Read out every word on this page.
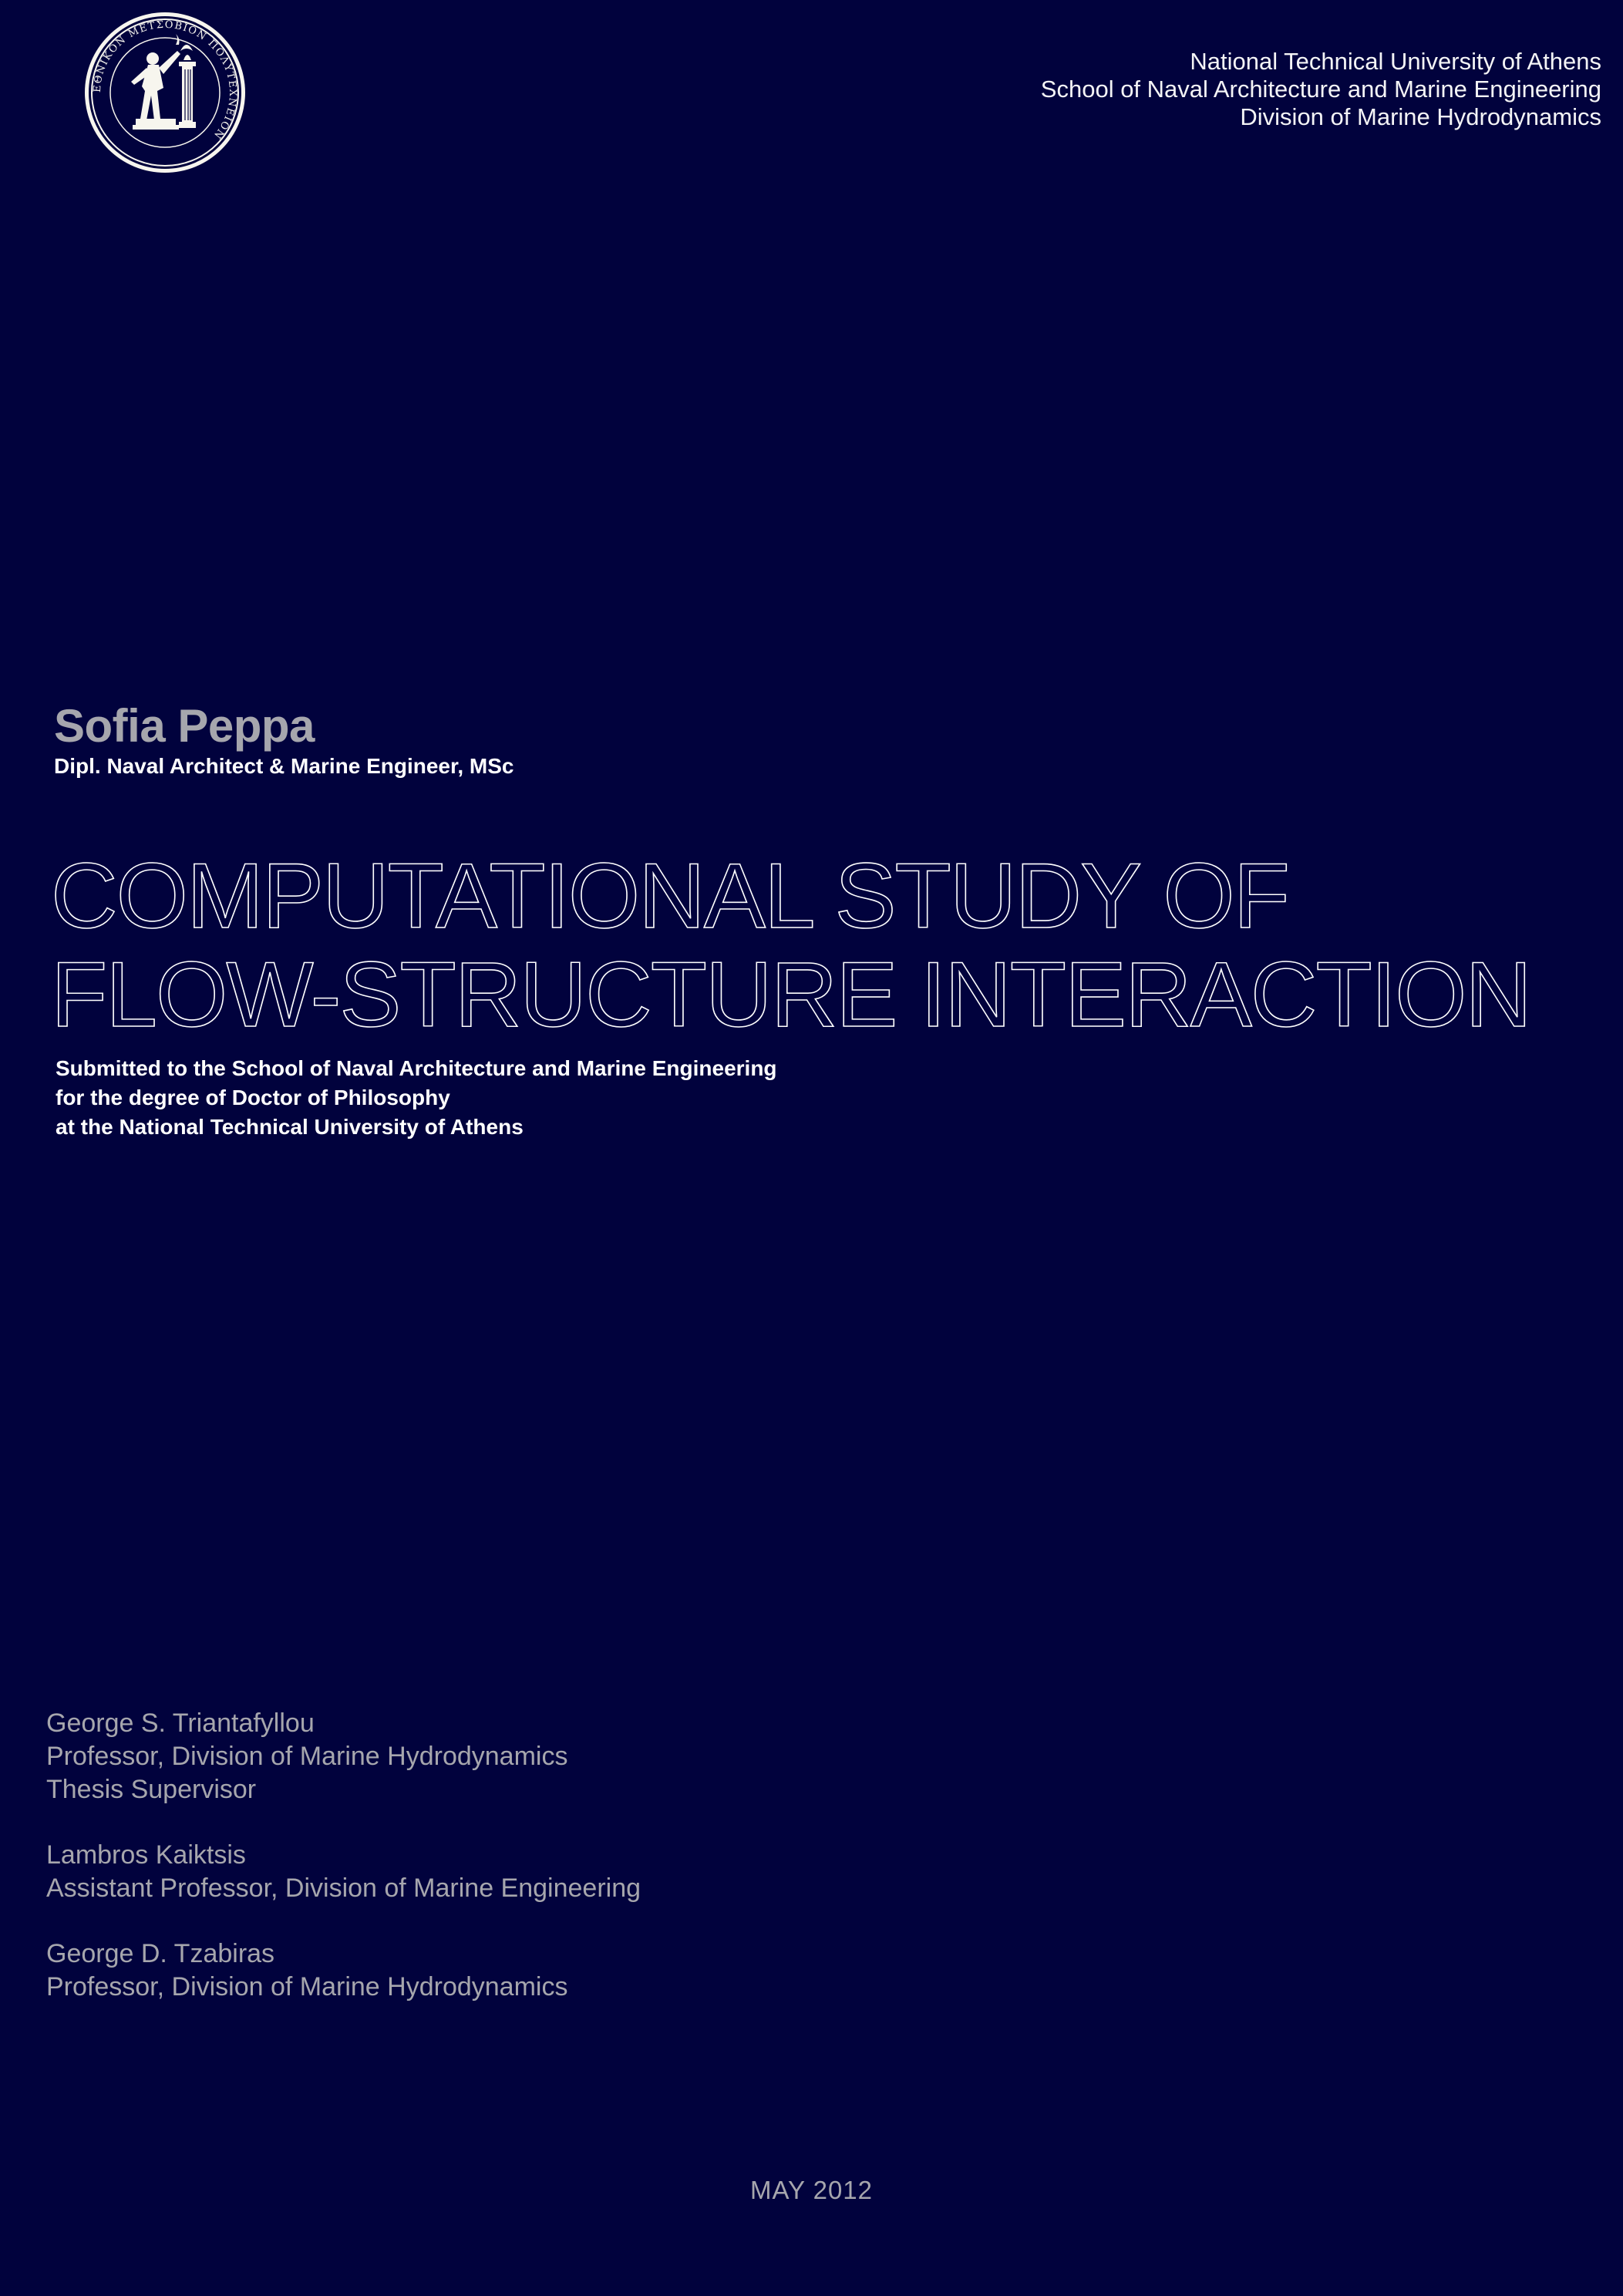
ΕΘΝΙΚΟΝ ΜΕΤΣΟΒΙΟΝ ΠΟΛΥΤΕΧΝΕΙΟΝ
National Technical University of Athens
School of Naval Architecture and Marine Engineering
Division of Marine Hydrodynamics
Sofia Peppa
Dipl. Naval Architect & Marine Engineer, MSc
COMPUTATIONAL STUDY OF
FLOW-STRUCTURE INTERACTION
Submitted to the School of Naval Architecture and Marine Engineering
for the degree of Doctor of Philosophy
at the National Technical University of Athens
George S. Triantafyllou
Professor, Division of Marine Hydrodynamics
Thesis Supervisor
Lambros Kaiktsis
Assistant Professor, Division of Marine Engineering
George D. Tzabiras
Professor, Division of Marine Hydrodynamics
MAY 2012
